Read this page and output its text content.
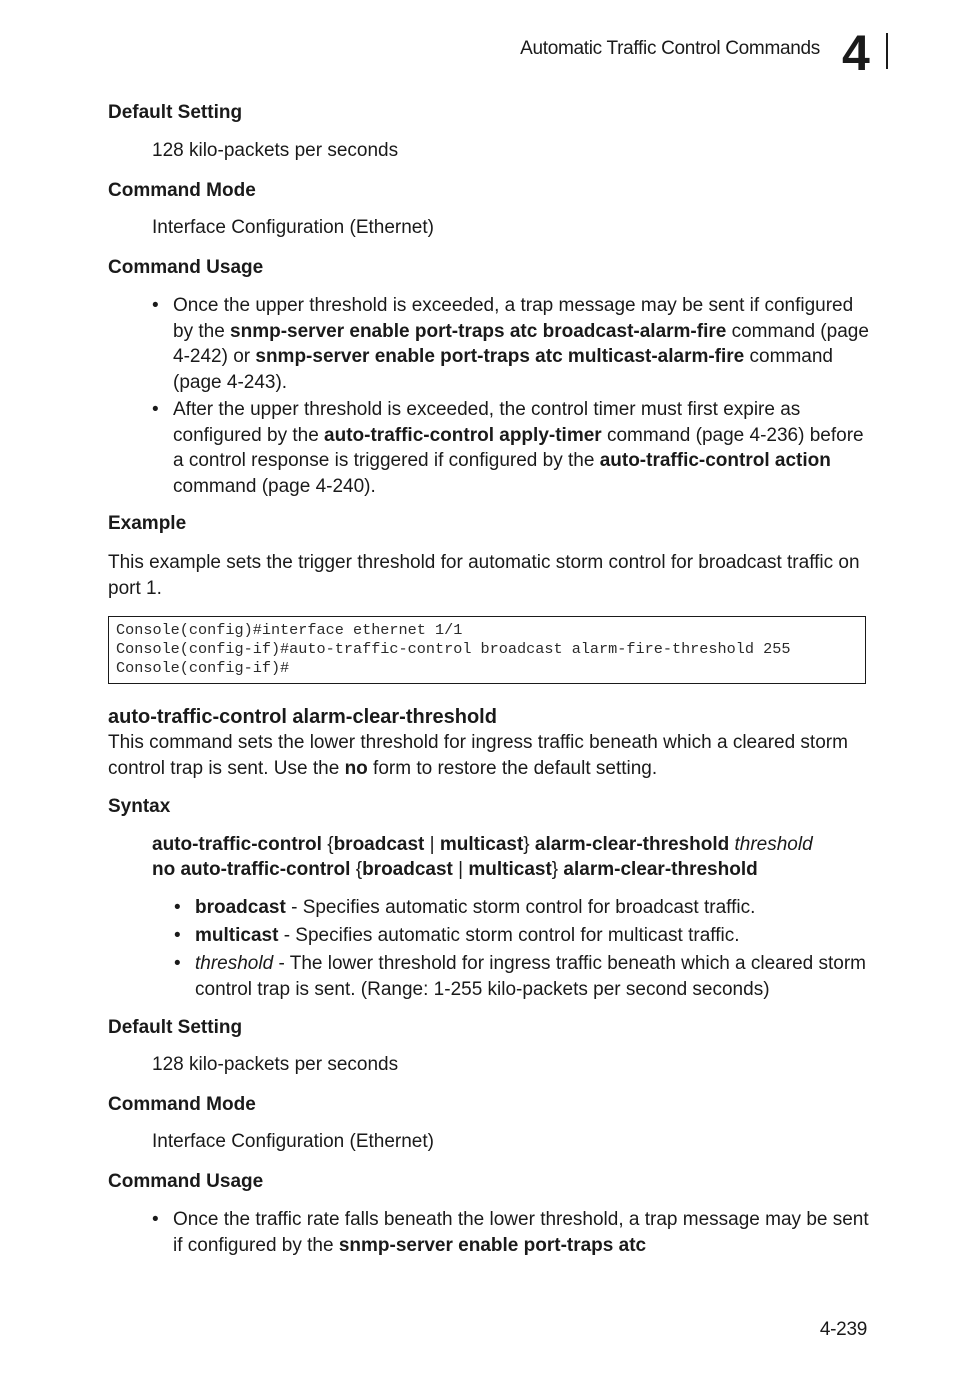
Automatic Traffic Control Commands 4
Default Setting
128 kilo-packets per seconds
Command Mode
Interface Configuration (Ethernet)
Command Usage
• Once the upper threshold is exceeded, a trap message may be sent if configured by the snmp-server enable port-traps atc broadcast-alarm-fire command (page 4-242) or snmp-server enable port-traps atc multicast-alarm-fire command (page 4-243).
• After the upper threshold is exceeded, the control timer must first expire as configured by the auto-traffic-control apply-timer command (page 4-236) before a control response is triggered if configured by the auto-traffic-control action command (page 4-240).
Example
This example sets the trigger threshold for automatic storm control for broadcast traffic on port 1.
Console(config)#interface ethernet 1/1
Console(config-if)#auto-traffic-control broadcast alarm-fire-threshold 255
Console(config-if)#
auto-traffic-control alarm-clear-threshold
This command sets the lower threshold for ingress traffic beneath which a cleared storm control trap is sent. Use the no form to restore the default setting.
Syntax
auto-traffic-control {broadcast | multicast} alarm-clear-threshold threshold
no auto-traffic-control {broadcast | multicast} alarm-clear-threshold
• broadcast - Specifies automatic storm control for broadcast traffic.
• multicast - Specifies automatic storm control for multicast traffic.
• threshold - The lower threshold for ingress traffic beneath which a cleared storm control trap is sent. (Range: 1-255 kilo-packets per second seconds)
Default Setting
128 kilo-packets per seconds
Command Mode
Interface Configuration (Ethernet)
Command Usage
• Once the traffic rate falls beneath the lower threshold, a trap message may be sent if configured by the snmp-server enable port-traps atc
4-239
